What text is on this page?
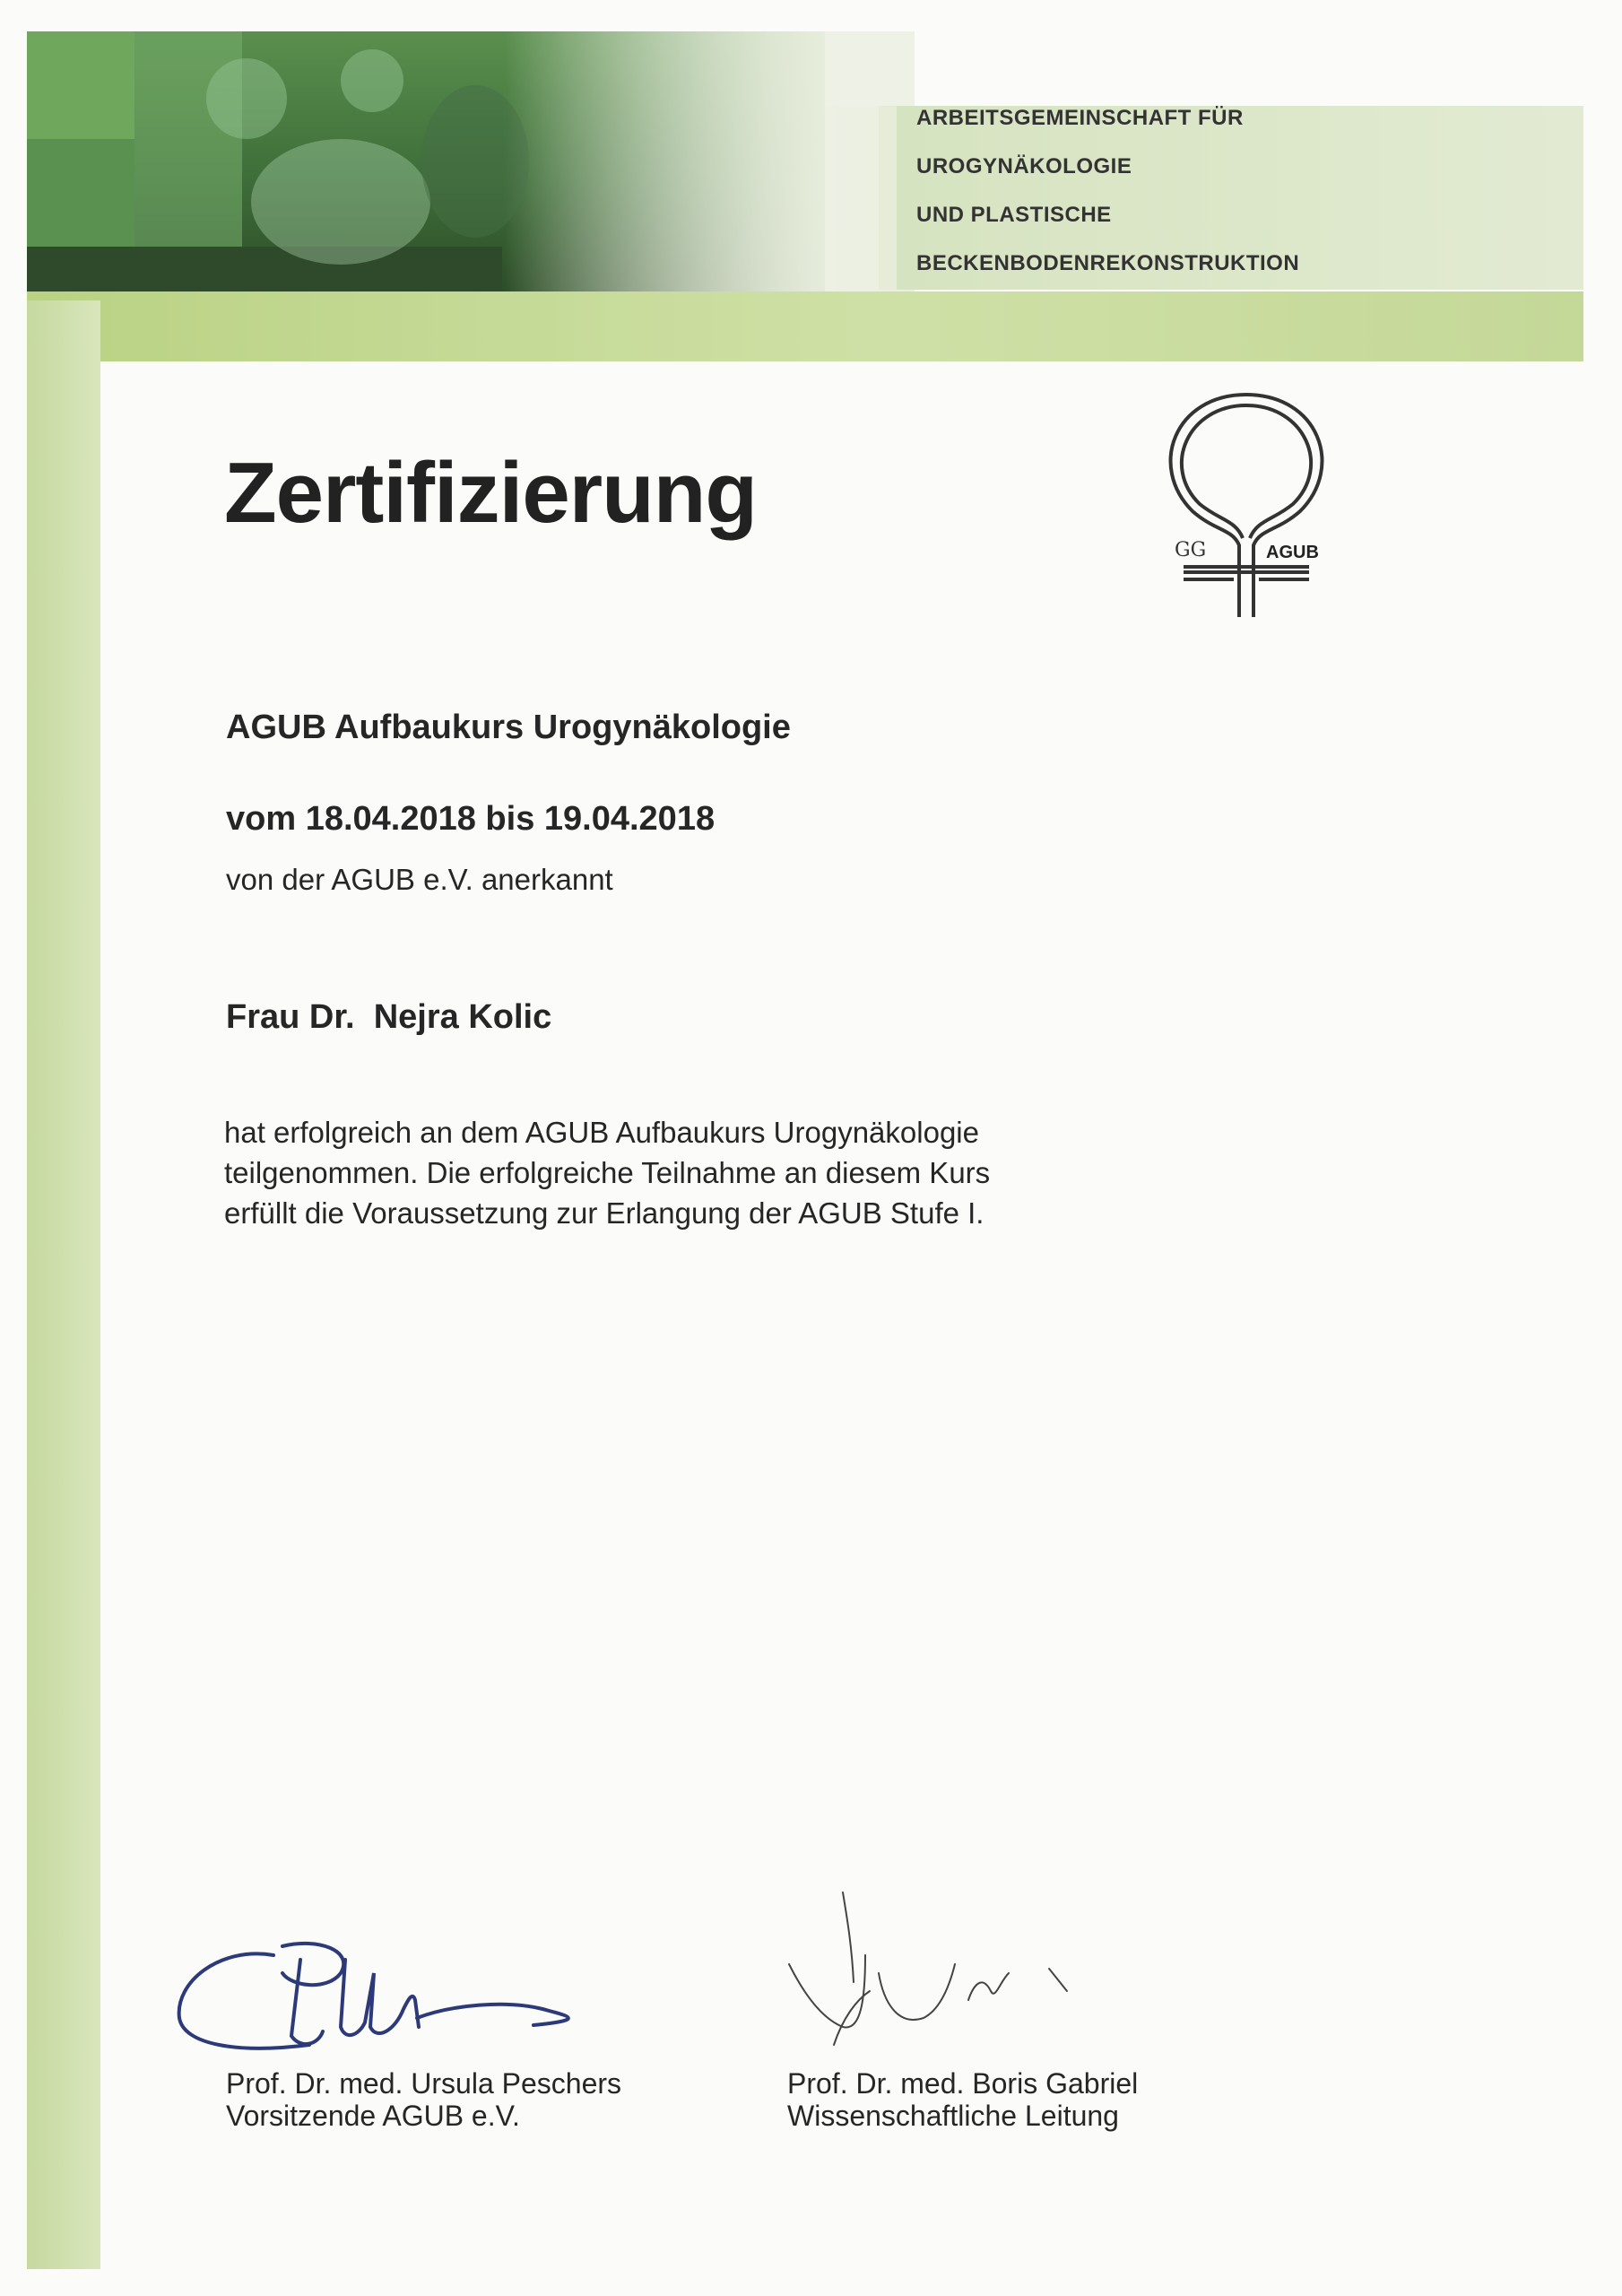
ARBEITSGEMEINSCHAFT FÜR
UROGYNÄKOLOGIE
UND PLASTISCHE
BECKENBODENREKONSTRUKTION
GG	AGUB
Zertifizierung
AGUB Aufbaukurs Urogynäkologie
vom 18.04.2018 bis 19.04.2018
von der AGUB e.V. anerkannt
Frau Dr.  Nejra Kolic

hat erfolgreich an dem AGUB Aufbaukurs Urogynäkologie
teilgenommen. Die erfolgreiche Teilnahme an diesem Kurs
erfüllt die Voraussetzung zur Erlangung der AGUB Stufe I.

Prof. Dr. med. Ursula Peschers
Vorsitzende AGUB e.V.
Prof. Dr. med. Boris Gabriel
Wissenschaftliche Leitung
